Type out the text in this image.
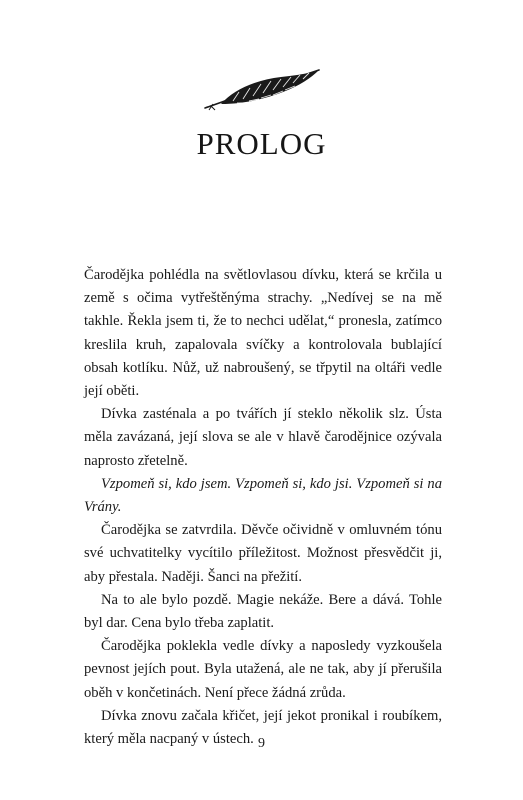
PROLOG

Čarodějka pohlédla na světlovlasou dívku, která se krčila u země s očima vytřeštěnýma strachy. „Nedívej se na mě takhle. Řekla jsem ti, že to nechci udělat,“ pronesla, zatímco kreslila kruh, zapalovala svíčky a kontrolovala bublající obsah kotlíku. Nůž, už nabroušený, se třpytil na oltáři vedle její oběti.

Dívka zasténala a po tvářích jí steklo několik slz. Ústa měla zavázaná, její slova se ale v hlavě čarodějnice ozývala naprosto zřetelně.

Vzpomeň si, kdo jsem. Vzpomeň si, kdo jsi. Vzpomeň si na Vrány.

Čarodějka se zatvrdila. Děvče očividně v omluvném tónu své uchvatitelky vycítilo příležitost. Možnost přesvědčit ji, aby přestala. Naději. Šanci na přežití.

Na to ale bylo pozdě. Magie nekáže. Bere a dává. Tohle byl dar. Cena bylo třeba zaplatit.

Čarodějka poklekla vedle dívky a naposledy vyzkoušela pevnost jejích pout. Byla utažená, ale ne tak, aby jí přerušila oběh v končetinách. Není přece žádná zrůda.

Dívka znovu začala křičet, její jekot pronikal i roubíkem, který měla nacpaný v ústech. 9
